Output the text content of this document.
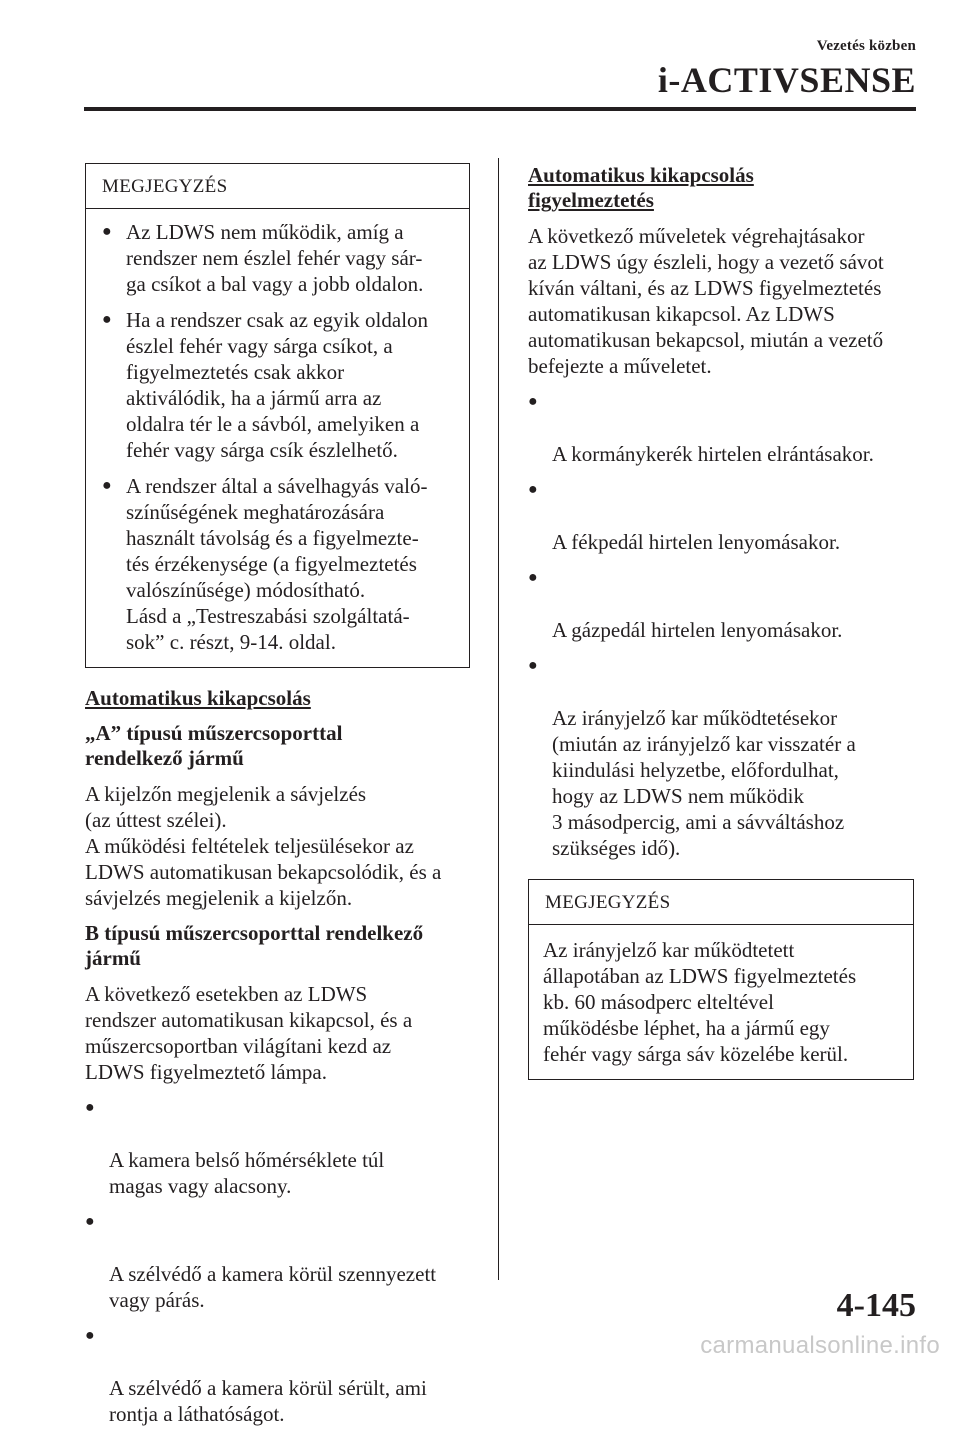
Vezetés közben
i-ACTIVSENSE
MEGJEGYZÉS
● Az LDWS nem működik, amíg a
rendszer nem észlel fehér vagy sár-
ga csíkot a bal vagy a jobb oldalon.
● Ha a rendszer csak az egyik oldalon
észlel fehér vagy sárga csíkot, a
figyelmeztetés csak akkor
aktiválódik, ha a jármű arra az
oldalra tér le a sávból, amelyiken a
fehér vagy sárga csík észlelhető.
● A rendszer által a sávelhagyás való-
színűségének meghatározására
használt távolság és a figyelmezte-
tés érzékenysége (a figyelmeztetés
valószínűsége) módosítható.
Lásd a „Testreszabási szolgáltatá-
sok” c. részt, 9-14. oldal.
Automatikus kikapcsolás
„A” típusú műszercsoporttal
rendelkező jármű
A kijelzőn megjelenik a sávjelzés
(az úttest szélei).
A működési feltételek teljesülésekor az
LDWS automatikusan bekapcsolódik, és a
sávjelzés megjelenik a kijelzőn.
B típusú műszercsoporttal rendelkező
jármű
A következő esetekben az LDWS
rendszer automatikusan kikapcsol, és a
műszercsoportban világítani kezd az
LDWS figyelmeztető lámpa.

●

A kamera belső hőmérséklete túl
magas vagy alacsony.

●

A szélvédő a kamera körül szennyezett
vagy párás.

●

A szélvédő a kamera körül sérült, ami
rontja a láthatóságot.

Automatikus kikapcsolás
figyelmeztetés
A következő műveletek végrehajtásakor
az LDWS úgy észleli, hogy a vezető sávot
kíván váltani, és az LDWS figyelmeztetés
automatikusan kikapcsol. Az LDWS
automatikusan bekapcsol, miután a vezető
befejezte a műveletet.

●

A kormánykerék hirtelen elrántásakor.

●

A fékpedál hirtelen lenyomásakor.

●

A gázpedál hirtelen lenyomásakor.

●

Az irányjelző kar működtetésekor
(miután az irányjelző kar visszatér a
kiindulási helyzetbe, előfordulhat,
hogy az LDWS nem működik
3 másodpercig, ami a sávváltáshoz
szükséges idő).

MEGJEGYZÉS
Az irányjelző kar működtetett
állapotában az LDWS figyelmeztetés
kb. 60 másodperc elteltével
működésbe léphet, ha a jármű egy
fehér vagy sárga sáv közelébe kerül.
4-145
carmanualsonline.info
